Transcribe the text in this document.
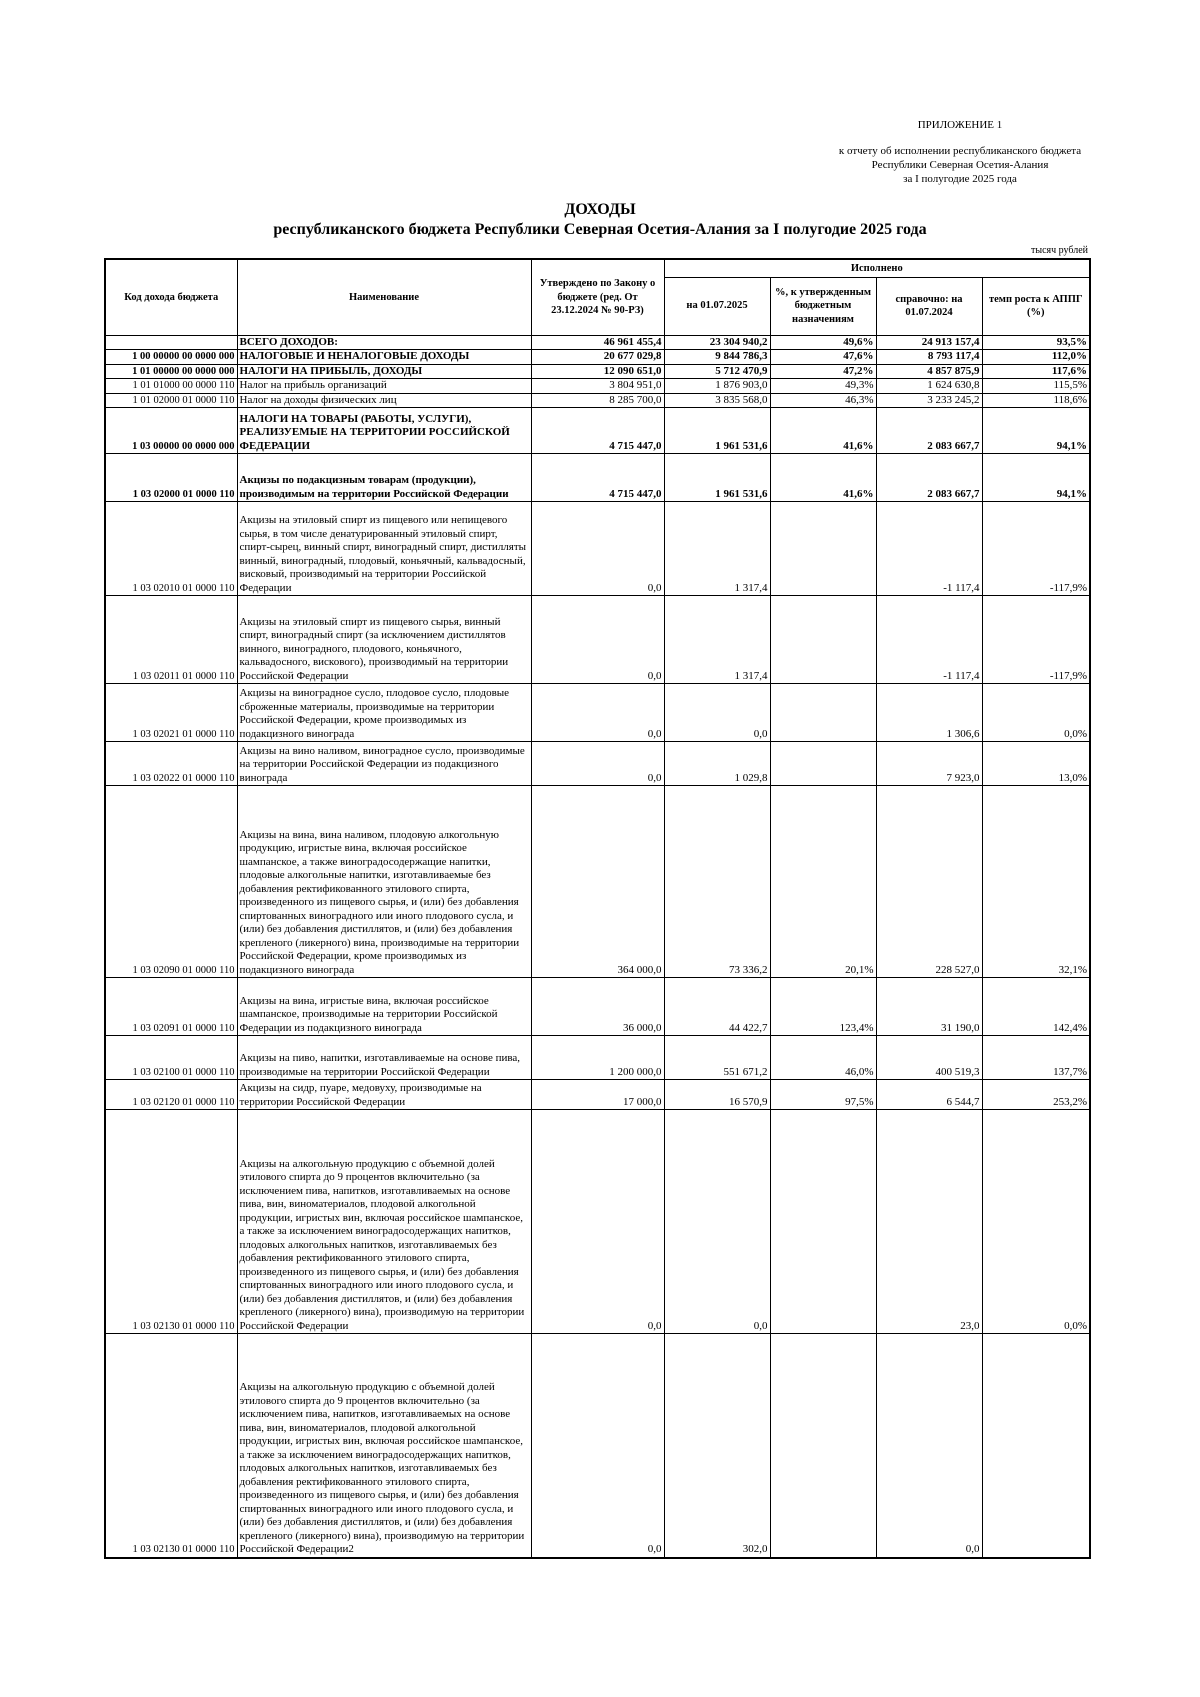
ПРИЛОЖЕНИЕ 1
к отчету об исполнении республиканского бюджета
Республики Северная Осетия-Алания
за I полугодие 2025 года
ДОХОДЫ
республиканского бюджета Республики Северная Осетия-Алания за I полугодие 2025 года
тысяч рублей
Код дохода бюджета	Наименование	Утверждено по Закону о бюджете (ред. От 23.12.2024 № 90-РЗ)	Исполнено			
			на 01.07.2025	%, к утвержденным бюджетным назначениям	справочно: на 01.07.2024	темп роста к АППГ (%)
	ВСЕГО ДОХОДОВ:	46 961 455,4	23 304 940,2	49,6%	24 913 157,4	93,5%
1 00 00000 00 0000 000	НАЛОГОВЫЕ И НЕНАЛОГОВЫЕ ДОХОДЫ	20 677 029,8	9 844 786,3	47,6%	8 793 117,4	112,0%
1 01 00000 00 0000 000	НАЛОГИ НА ПРИБЫЛЬ, ДОХОДЫ	12 090 651,0	5 712 470,9	47,2%	4 857 875,9	117,6%
1 01 01000 00 0000 110	Налог на прибыль организаций	3 804 951,0	1 876 903,0	49,3%	1 624 630,8	115,5%
1 01 02000 01 0000 110	Налог на доходы физических лиц	8 285 700,0	3 835 568,0	46,3%	3 233 245,2	118,6%
1 03 00000 00 0000 000	НАЛОГИ НА ТОВАРЫ (РАБОТЫ, УСЛУГИ), РЕАЛИЗУЕМЫЕ НА ТЕРРИТОРИИ РОССИЙСКОЙ ФЕДЕРАЦИИ	4 715 447,0	1 961 531,6	41,6%	2 083 667,7	94,1%
1 03 02000 01 0000 110	Акцизы по подакцизным товарам (продукции), производимым на территории Российской Федерации	4 715 447,0	1 961 531,6	41,6%	2 083 667,7	94,1%
1 03 02010 01 0000 110	Акцизы на этиловый спирт из пищевого или непищевого сырья, в том числе денатурированный этиловый спирт, спирт-сырец, винный спирт, виноградный спирт, дистилляты винный, виноградный, плодовый, коньячный, кальвадосный, висковый, производимый на территории Российской Федерации	0,0	1 317,4		-1 117,4	-117,9%
1 03 02011 01 0000 110	Акцизы на этиловый спирт из пищевого сырья, винный спирт, виноградный спирт (за исключением дистиллятов винного, виноградного, плодового, коньячного, кальвадосного, вискового), производимый на территории Российской Федерации	0,0	1 317,4		-1 117,4	-117,9%
1 03 02021 01 0000 110	Акцизы на виноградное сусло, плодовое сусло, плодовые сброженные материалы, производимые на территории Российской Федерации, кроме производимых из подакцизного винограда	0,0	0,0		1 306,6	0,0%
1 03 02022 01 0000 110	Акцизы на вино наливом, виноградное сусло, производимые на территории Российской Федерации из подакцизного винограда	0,0	1 029,8		7 923,0	13,0%
1 03 02090 01 0000 110	Акцизы на вина, вина наливом, плодовую алкогольную продукцию, игристые вина, включая российское шампанское, а также виноградосодержащие напитки, плодовые алкогольные напитки, изготавливаемые без добавления ректификованного этилового спирта, произведенного из пищевого сырья, и (или) без добавления спиртованных виноградного или иного плодового сусла, и (или) без добавления дистиллятов, и (или) без добавления крепленого (ликерного) вина, производимые на территории Российской Федерации, кроме производимых из подакцизного винограда	364 000,0	73 336,2	20,1%	228 527,0	32,1%
1 03 02091 01 0000 110	Акцизы на вина, игристые вина, включая российское шампанское, производимые на территории Российской Федерации из подакцизного винограда	36 000,0	44 422,7	123,4%	31 190,0	142,4%
1 03 02100 01 0000 110	Акцизы на пиво, напитки, изготавливаемые на основе пива, производимые на территории Российской Федерации	1 200 000,0	551 671,2	46,0%	400 519,3	137,7%
1 03 02120 01 0000 110	Акцизы на сидр, пуаре, медовуху, производимые на территории Российской Федерации	17 000,0	16 570,9	97,5%	6 544,7	253,2%
1 03 02130 01 0000 110	Акцизы на алкогольную продукцию с объемной долей этилового спирта до 9 процентов включительно (за исключением пива, напитков, изготавливаемых на основе пива, вин, виноматериалов, плодовой алкогольной продукции, игристых вин, включая российское шампанское, а также за исключением виноградосодержащих напитков, плодовых алкогольных напитков, изготавливаемых без добавления ректификованного этилового спирта, произведенного из пищевого сырья, и (или) без добавления спиртованных виноградного или иного плодового сусла, и (или) без добавления дистиллятов, и (или) без добавления крепленого (ликерного) вина), производимую на территории Российской Федерации	0,0	0,0		23,0	0,0%
1 03 02130 01 0000 110	Акцизы на алкогольную продукцию с объемной долей этилового спирта до 9 процентов включительно (за исключением пива, напитков, изготавливаемых на основе пива, вин, виноматериалов, плодовой алкогольной продукции, игристых вин, включая российское шампанское, а также за исключением виноградосодержащих напитков, плодовых алкогольных напитков, изготавливаемых без добавления ректификованного этилового спирта, произведенного из пищевого сырья, и (или) без добавления спиртованных виноградного или иного плодового сусла, и (или) без добавления дистиллятов, и (или) без добавления крепленого (ликерного) вина), производимую на территории Российской Федерации2	0,0	302,0		0,0	
